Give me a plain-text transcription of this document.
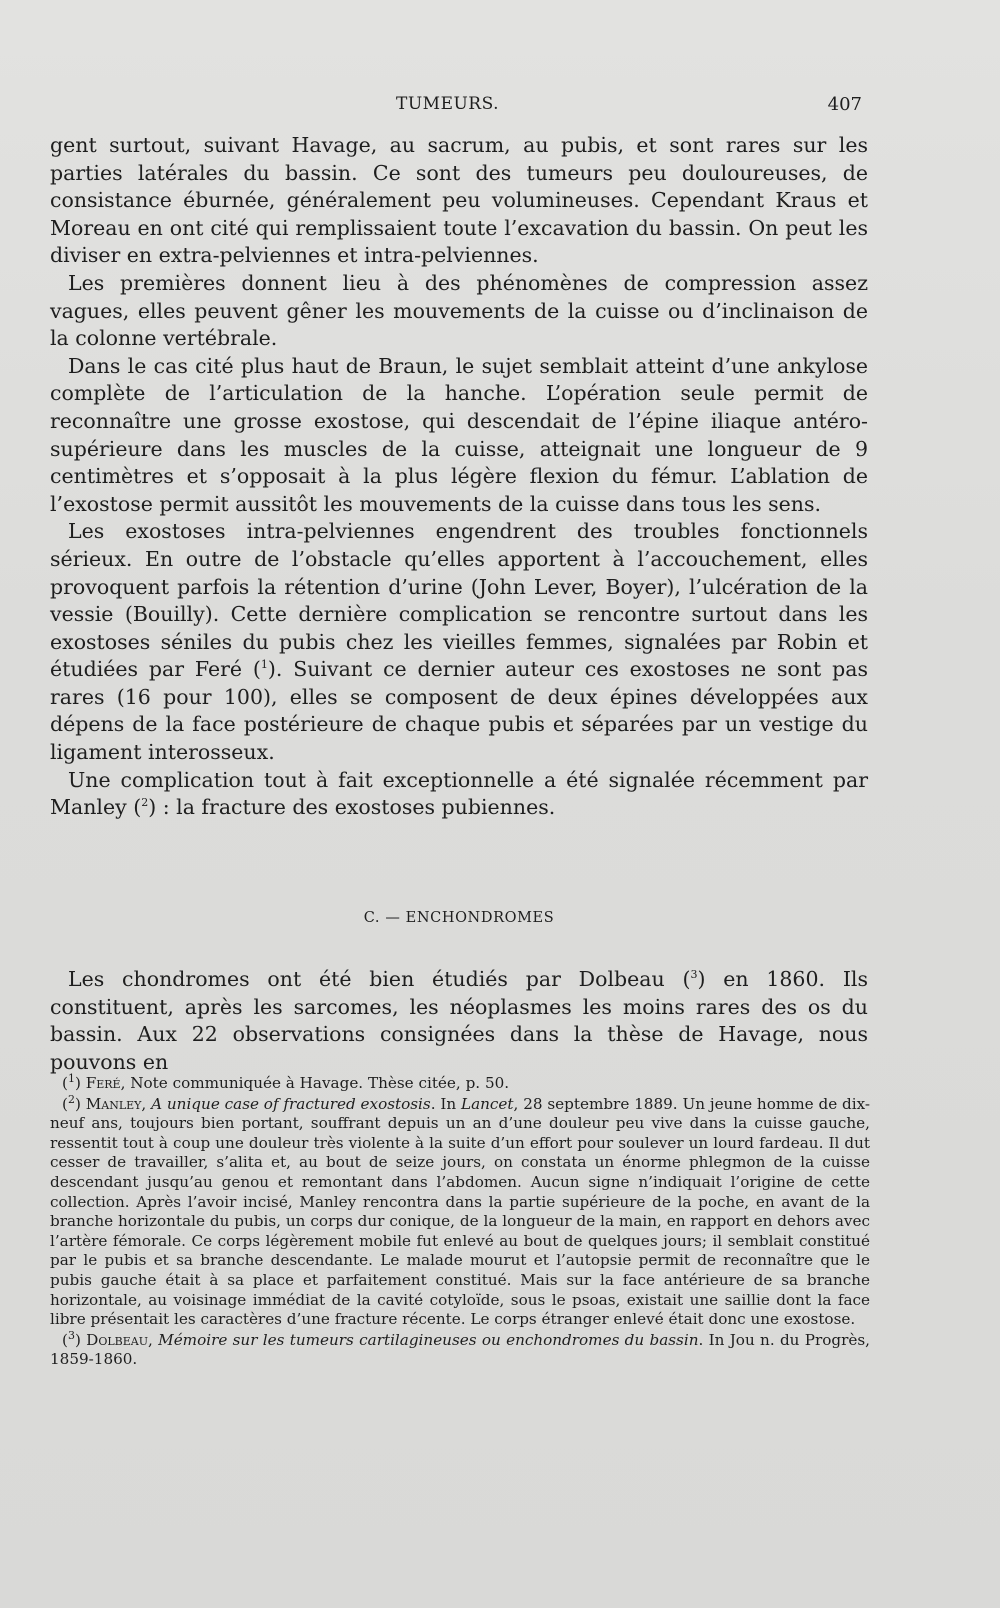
TUMEURS.	407

gent surtout, suivant Havage, au sacrum, au pubis, et sont rares sur les parties latérales du bassin. Ce sont des tumeurs peu douloureuses, de consistance éburnée, généralement peu volumineuses. Cependant Kraus et Moreau en ont cité qui remplissaient toute l’excavation du bassin. On peut les diviser en extra-pelviennes et intra-pelviennes.

Les premières donnent lieu à des phénomènes de compression assez vagues, elles peuvent gêner les mouvements de la cuisse ou d’inclinaison de la colonne vertébrale.

Dans le cas cité plus haut de Braun, le sujet semblait atteint d’une ankylose complète de l’articulation de la hanche. L’opération seule permit de reconnaître une grosse exostose, qui descendait de l’épine iliaque antéro-supérieure dans les muscles de la cuisse, atteignait une longueur de 9 centimètres et s’opposait à la plus légère flexion du fémur. L’ablation de l’exostose permit aussitôt les mouvements de la cuisse dans tous les sens.

Les exostoses intra-pelviennes engendrent des troubles fonctionnels sérieux. En outre de l’obstacle qu’elles apportent à l’accouchement, elles provoquent parfois la rétention d’urine (John Lever, Boyer), l’ulcération de la vessie (Bouilly). Cette dernière complication se rencontre surtout dans les exostoses séniles du pubis chez les vieilles femmes, signalées par Robin et étudiées par Feré ($^1$). Suivant ce dernier auteur ces exostoses ne sont pas rares (16 pour 100), elles se composent de deux épines développées aux dépens de la face postérieure de chaque pubis et séparées par un vestige du ligament interosseux.

Une complication tout à fait exceptionnelle a été signalée récemment par Manley ($^2$) : la fracture des exostoses pubiennes.

C. — ENCHONDROMES

Les chondromes ont été bien étudiés par Dolbeau ($^3$) en 1860. Ils constituent, après les sarcomes, les néoplasmes les moins rares des os du bassin. Aux 22 observations consignées dans la thèse de Havage, nous pouvons en

($^1$) Feré, Note communiquée à Havage. Thèse citée, p. 50.

($^2$) Manley, A unique case of fractured exostosis. In Lancet, 28 septembre 1889. Un jeune homme de dix-neuf ans, toujours bien portant, souffrant depuis un an d’une douleur peu vive dans la cuisse gauche, ressentit tout à coup une douleur très violente à la suite d’un effort pour soulever un lourd fardeau. Il dut cesser de travailler, s’alita et, au bout de seize jours, on constata un énorme phlegmon de la cuisse descendant jusqu’au genou et remontant dans l’abdomen. Aucun signe n’indiquait l’origine de cette collection. Après l’avoir incisé, Manley rencontra dans la partie supérieure de la poche, en avant de la branche horizontale du pubis, un corps dur conique, de la longueur de la main, en rapport en dehors avec l’artère fémorale. Ce corps légèrement mobile fut enlevé au bout de quelques jours; il semblait constitué par le pubis et sa branche descendante. Le malade mourut et l’autopsie permit de reconnaître que le pubis gauche était à sa place et parfaitement constitué. Mais sur la face antérieure de sa branche horizontale, au voisinage immédiat de la cavité cotyloïde, sous le psoas, existait une saillie dont la face libre présentait les caractères d’une fracture récente. Le corps étranger enlevé était donc une exostose.

($^3$) Dolbeau, Mémoire sur les tumeurs cartilagineuses ou enchondromes du bassin. In Jou n. du Progrès, 1859-1860.
